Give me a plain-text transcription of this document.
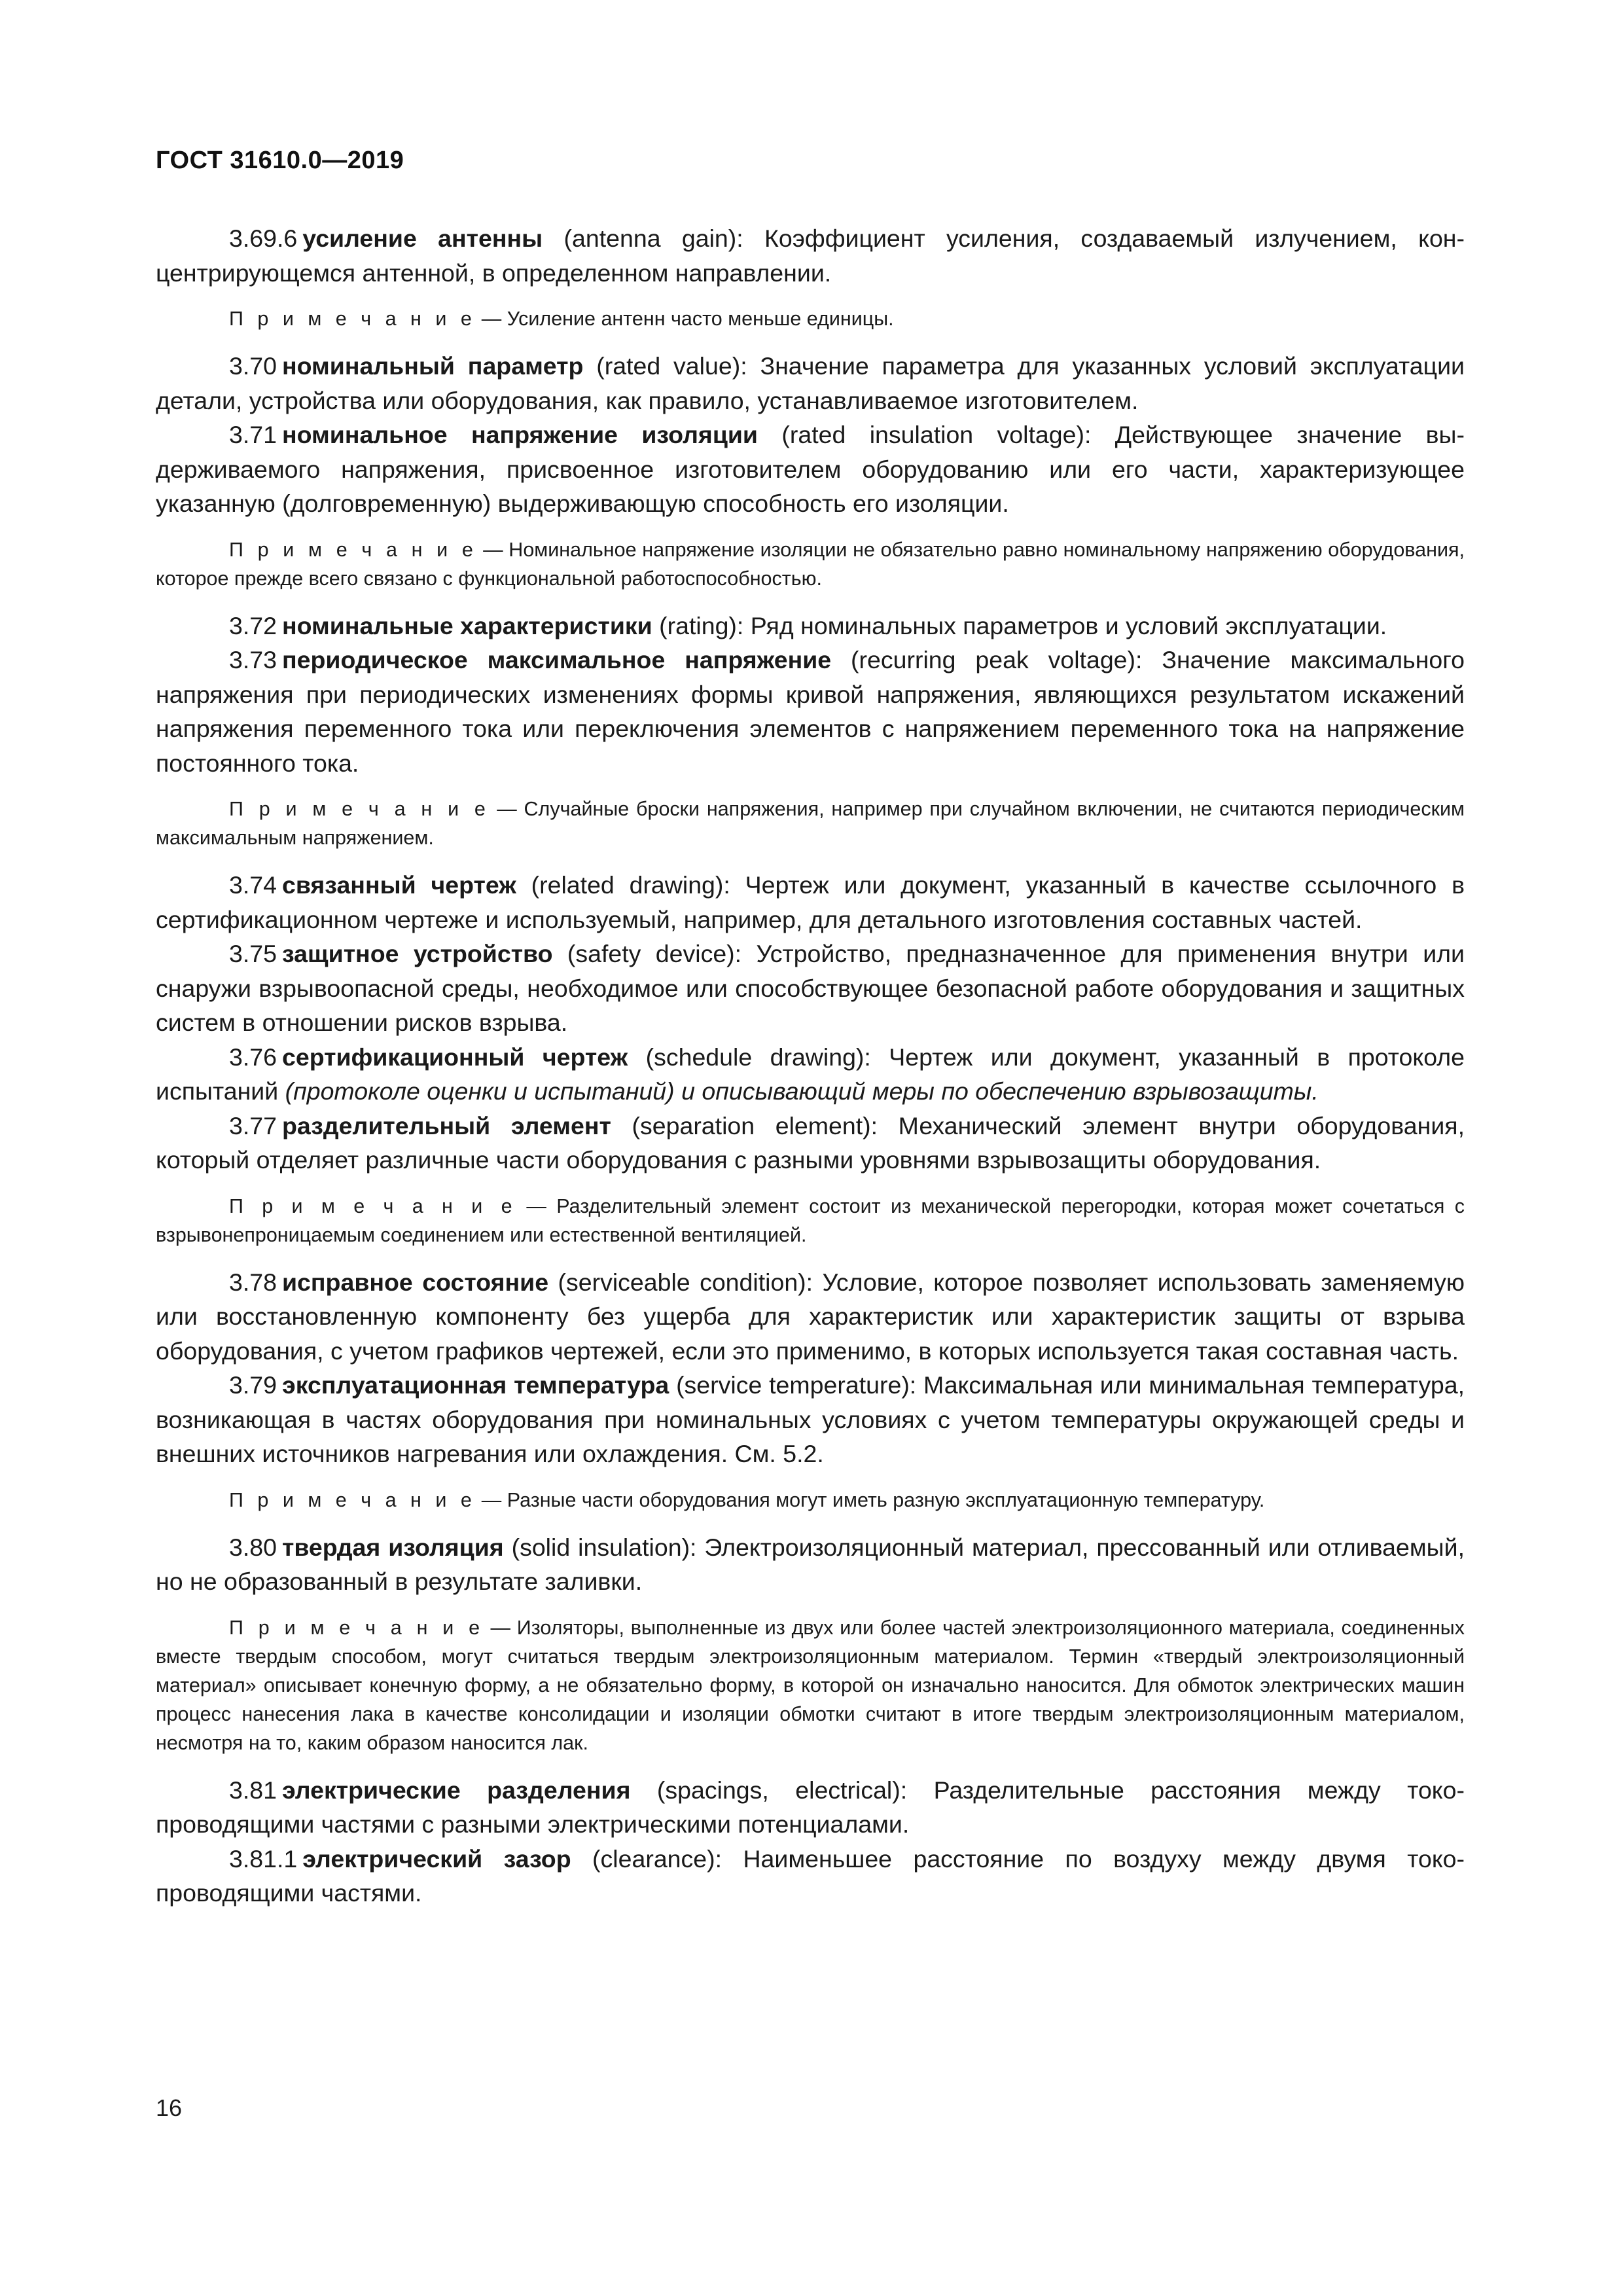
ГОСТ 31610.0—2019

3.69.6 усиление антенны (antenna gain): Коэффициент усиления, создаваемый излучением, концентрирующемся антенной, в определенном направлении.

П р и м е ч а н и е — Усиление антенн часто меньше единицы.

3.70 номинальный параметр (rated value): Значение параметра для указанных условий эксплуатации детали, устройства или оборудования, как правило, устанавливаемое изготовителем.

3.71 номинальное напряжение изоляции (rated insulation voltage): Действующее значение выдерживаемого напряжения, присвоенное изготовителем оборудованию или его части, характеризующее указанную (долговременную) выдерживающую способность его изоляции.

П р и м е ч а н и е — Номинальное напряжение изоляции не обязательно равно номинальному напряжению оборудования, которое прежде всего связано с функциональной работоспособностью.

3.72 номинальные характеристики (rating): Ряд номинальных параметров и условий эксплуатации.

3.73 периодическое максимальное напряжение (recurring peak voltage): Значение максимального напряжения при периодических изменениях формы кривой напряжения, являющихся результатом искажений напряжения переменного тока или переключения элементов с напряжением переменного тока на напряжение постоянного тока.

П р и м е ч а н и е — Случайные броски напряжения, например при случайном включении, не считаются периодическим максимальным напряжением.

3.74 связанный чертеж (related drawing): Чертеж или документ, указанный в качестве ссылочного в сертификационном чертеже и используемый, например, для детального изготовления составных частей.

3.75 защитное устройство (safety device): Устройство, предназначенное для применения внутри или снаружи взрывоопасной среды, необходимое или способствующее безопасной работе оборудования и защитных систем в отношении рисков взрыва.

3.76 сертификационный чертеж (schedule drawing): Чертеж или документ, указанный в протоколе испытаний (протоколе оценки и испытаний) и описывающий меры по обеспечению взрывозащиты.

3.77 разделительный элемент (separation element): Механический элемент внутри оборудования, который отделяет различные части оборудования с разными уровнями взрывозащиты оборудования.

П р и м е ч а н и е — Разделительный элемент состоит из механической перегородки, которая может сочeтаться с взрывонепроницаемым соединением или естественной вентиляцией.

3.78 исправное состояние (serviceable condition): Условие, которое позволяет использовать заменяемую или восстановленную компоненту без ущерба для характеристик или характеристик защиты от взрыва оборудования, с учетом графиков чертежей, если это применимо, в которых используется такая составная часть.

3.79 эксплуатационная температура (service temperature): Максимальная или минимальная температура, возникающая в частях оборудования при номинальных условиях с учетом температуры окружающей среды и внешних источников нагревания или охлаждения. См. 5.2.

П р и м е ч а н и е — Разные части оборудования могут иметь разную эксплуатационную температуру.

3.80 твердая изоляция (solid insulation): Электроизоляционный материал, прессованный или отливаемый, но не образованный в результате заливки.

П р и м е ч а н и е — Изоляторы, выполненные из двух или более частей электроизоляционного материала, соединенных вместе твердым способом, могут считаться твердым электроизоляционным материалом. Термин «твердый электроизоляционный материал» описывает конечную форму, а не обязательно форму, в которой он изначально наносится. Для обмоток электрических машин процесс нанесения лака в качестве консолидации и изоляции обмотки считают в итоге твердым электроизоляционным материалом, несмотря на то, каким образом наносится лак.

3.81 электрические разделения (spacings, electrical): Разделительные расстояния между токопроводящими частями с разными электрическими потенциалами.

3.81.1 электрический зазор (clearance): Наименьшее расстояние по воздуху между двумя токопроводящими частями.

16
